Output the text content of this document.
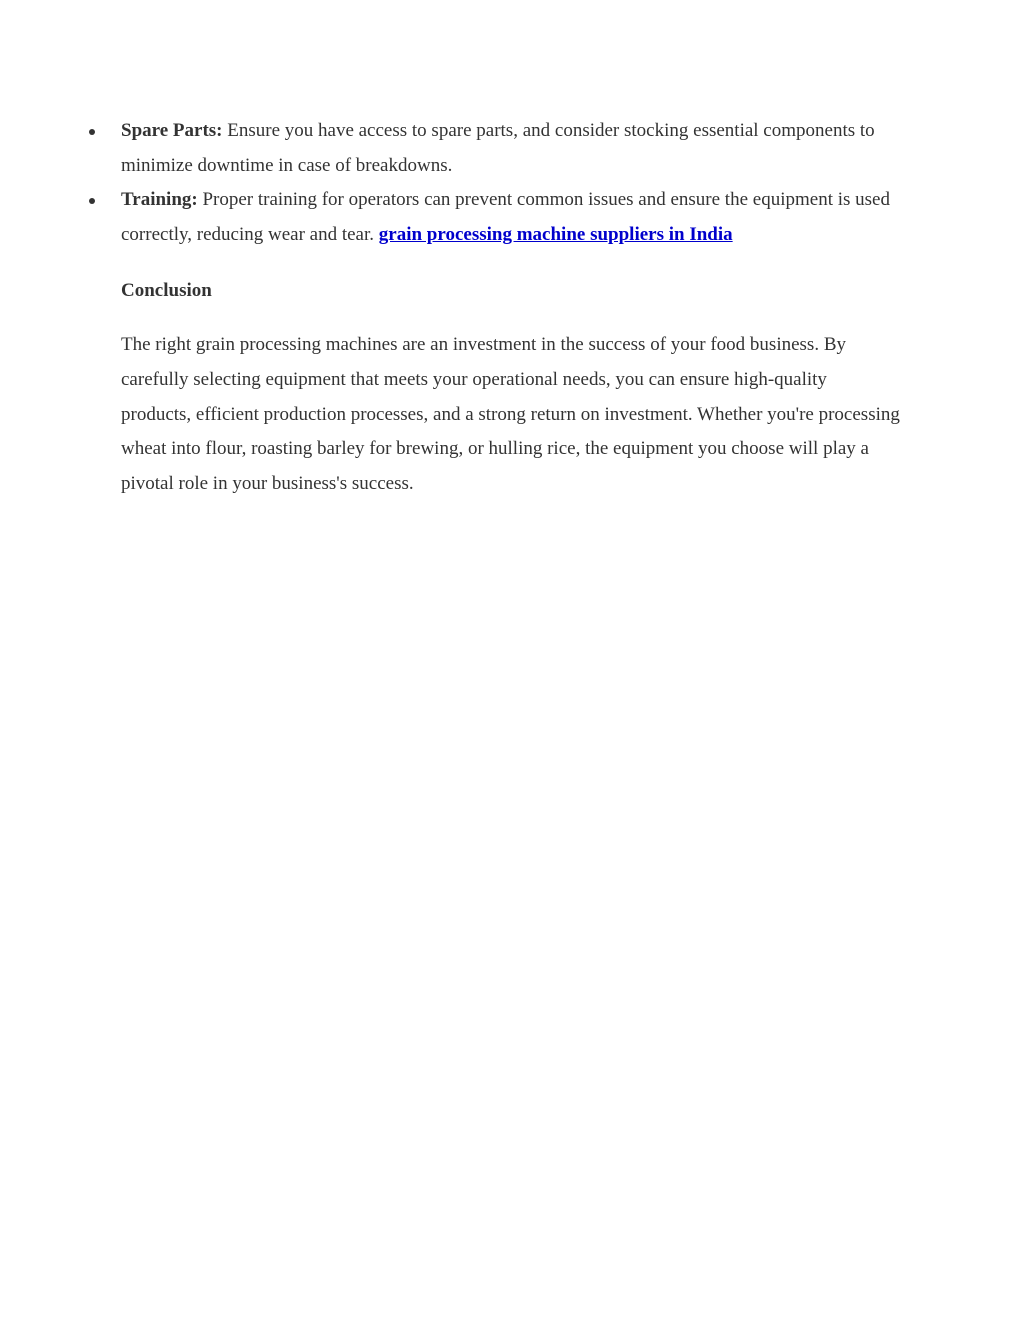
Spare Parts: Ensure you have access to spare parts, and consider stocking essential components to minimize downtime in case of breakdowns.
Training: Proper training for operators can prevent common issues and ensure the equipment is used correctly, reducing wear and tear. grain processing machine suppliers in India
Conclusion

The right grain processing machines are an investment in the success of your food business. By carefully selecting equipment that meets your operational needs, you can ensure high-quality products, efficient production processes, and a strong return on investment. Whether you're processing wheat into flour, roasting barley for brewing, or hulling rice, the equipment you choose will play a pivotal role in your business's success.
